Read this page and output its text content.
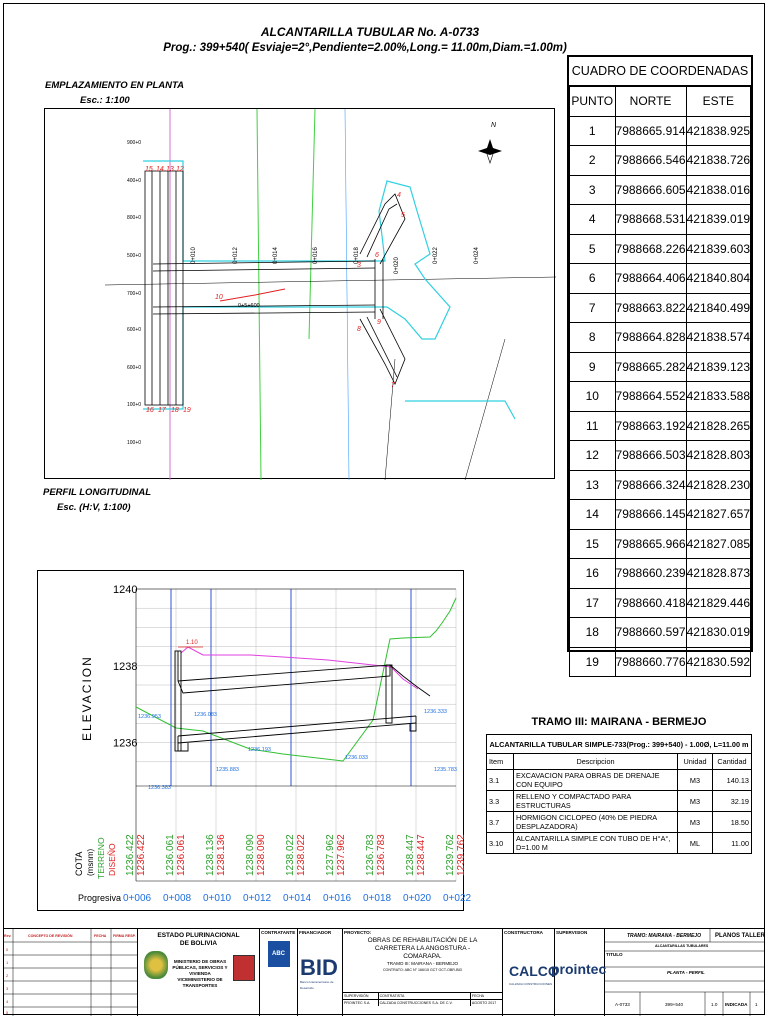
ALCANTARILLA TUBULAR No. A-0733
Prog.: 399+540( Esviaje=2°,Pendiente=2.00%,Long.= 11.00m,Diam.=1.00m)
EMPLAZAMIENTO EN PLANTA
Esc.: 1:100
900+0
400+0
800+0
500+0
700+0
600+0
600+0
100+0
100+0
0+010	0+012	0+014	0+016	0+018
0+020
0+022	0+024
0+5+600
15 14 13 12
16 17 18 19
4
5
6
3
7
8
9
10
N
CUADRO DE COORDENADAS
PUNTO	NORTE	ESTE
1	7988665.914	421838.925
2	7988666.546	421838.726
3	7988666.605	421838.016
4	7988668.531	421839.019
5	7988668.226	421839.603
6	7988664.406	421840.804
7	7988663.822	421840.499
8	7988664.828	421838.574
9	7988665.282	421839.123
10	7988664.552	421833.588
11	7988663.192	421828.265
12	7988666.503	421828.803
13	7988666.324	421828.230
14	7988666.145	421827.657
15	7988665.966	421827.085
16	7988660.239	421828.873
17	7988660.418	421829.446
18	7988660.597	421830.019
19	7988660.776	421830.592
PERFIL LONGITUDINAL
Esc. (H:V, 1:100)
ELEVACION
1236
1238
1240
1.10
1236.953	1236.083
1236.383
1235.883
1236.193
1236.033
1236.333
1235.783
COTA (msnm) TERRENO DISEÑO
Progresiva
1236.422 1236.422 1236.061 1236.061 1238.136 1238.136 1238.090 1238.090 1238.022 1238.022 1237.962 1237.962 1236.783 1236.783 1238.447 1238.447 1239.762 1239.762
0+006 0+008 0+010 0+012 0+014 0+016 0+018 0+020 0+022
TRAMO III: MAIRANA - BERMEJO
ALCANTARILLA TUBULAR SIMPLE-733(Prog.: 399+540) - 1.00Ø, L=11.00 m			
Item	Descripcion	Unidad	Cantidad
3.1	EXCAVACION PARA OBRAS DE DRENAJE CON EQUIPO	M3	140.13
3.3	RELLENO Y COMPACTADO PARA ESTRUCTURAS	M3	32.19
3.7	HORMIGON CICLOPEO (40% DE PIEDRA DESPLAZADORA)	M3	18.50
3.10	ALCANTARILLA SIMPLE CON TUBO DE H°A°, D=1.00 M	ML	11.00
Rev.	CONCEPTO DE REVISIÓN	FECHA FIRMA RESP.
0
1
2
3
4
5
ESTADO PLURINACIONAL DE BOLIVIA
MINISTERIO DE OBRAS PÚBLICAS, SERVICIOS Y VIVIENDA VICEMINISTERIO DE TRANSPORTES
CONTRATANTE
ABC
FINANCIADOR
BID
Banco Interamericano de Desarrollo
PROYECTO:
OBRAS DE REHABILITACIÓN DE LA CARRETERA LA ANGOSTURA - COMARAPA.
TRAMO III: MAIRANA - BERMEJO
CONTRATO: ABC N° 166/15 GCT OCT-OBR-BID
SUPERVISIÓN	CONTRATISTA	FECHA
PROINTEC S.A.	CALZADA CONSTRUCCIONES S.A. DE C.V.	AGOSTO 2017
CONSTRUCTORA
CALCO
CALZADA CONSTRUCCIONES
SUPERVISION
prointec
TRAMO: MAIRANA - BERMEJO PLANOS TALLER
ALCANTARILLAS TUBULARES
TITULO
PLANTA - PERFIL
A-0733	399+540	1.0 INDICADA 1
